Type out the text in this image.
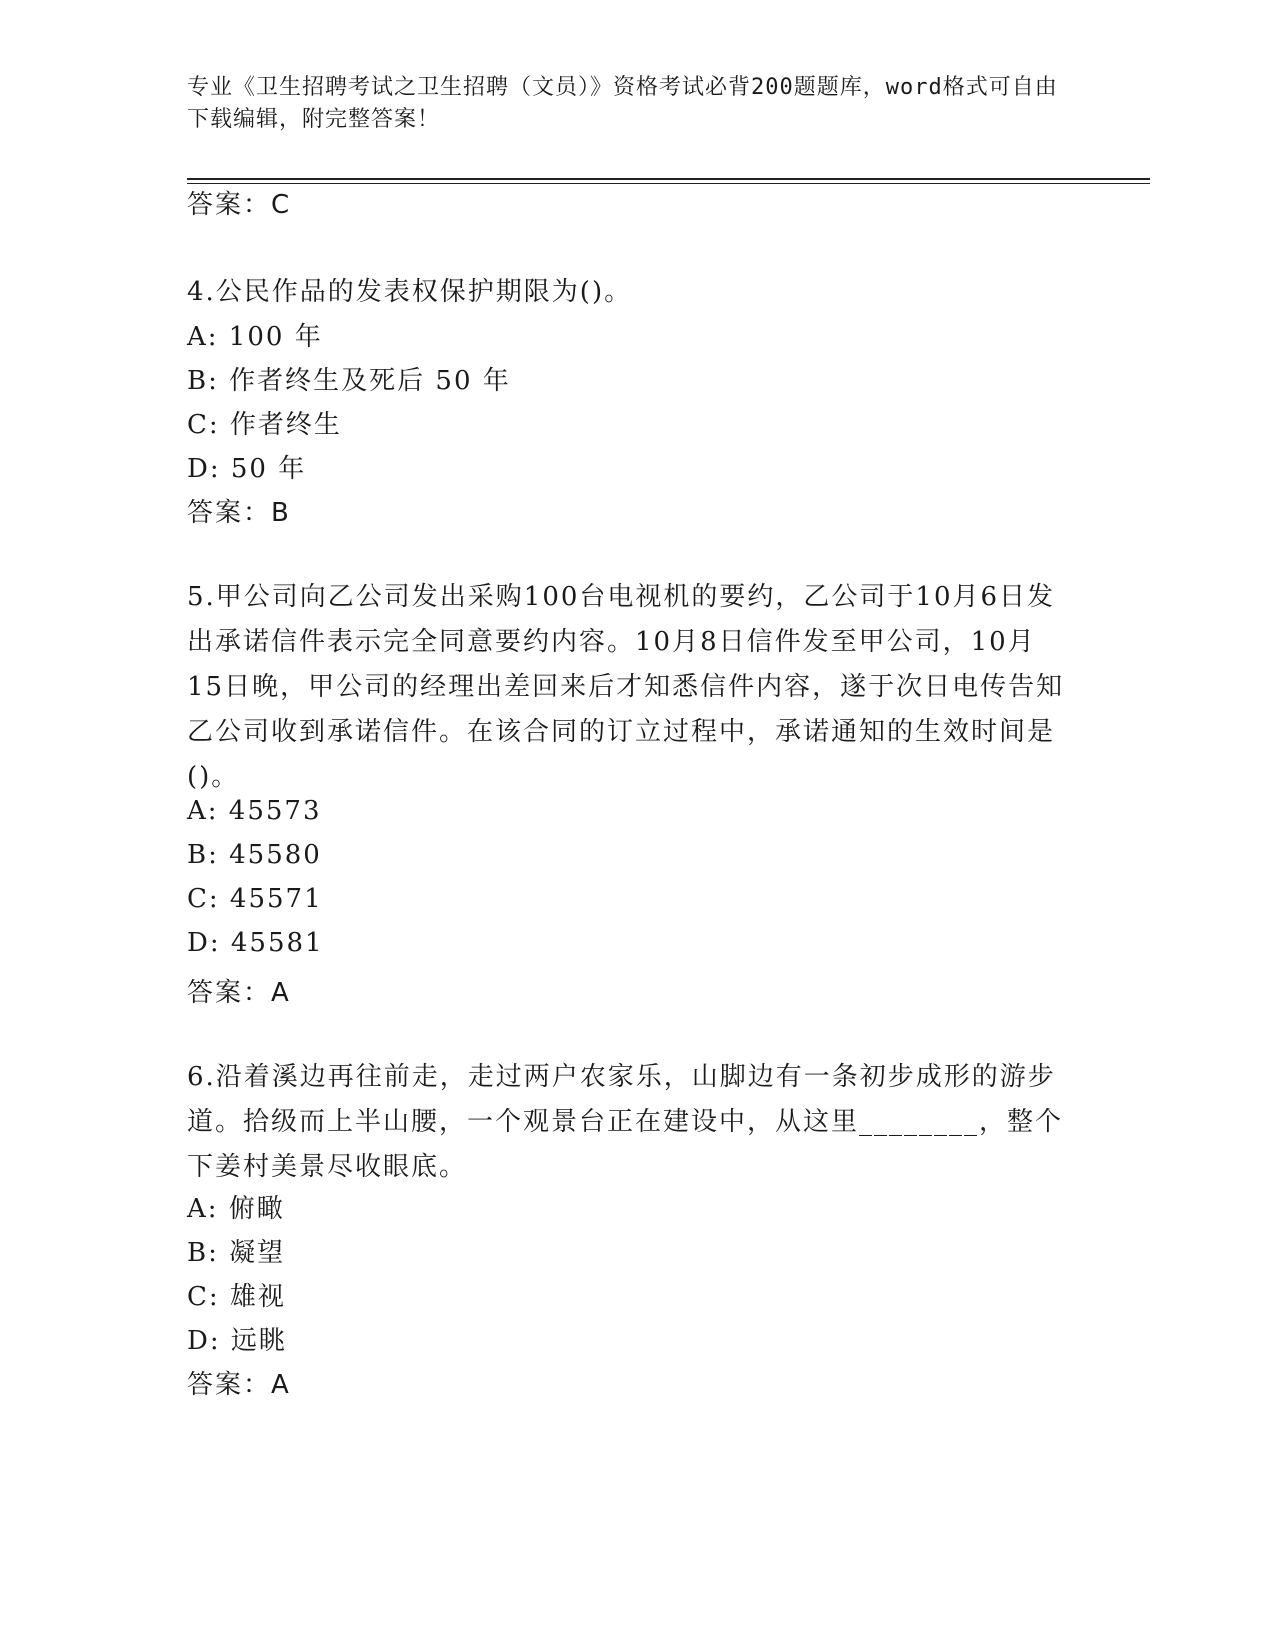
专业《卫生招聘考试之卫生招聘（文员）》资格考试必背200题题库，word格式可自由下载编辑，附完整答案！
答案：C
4.公民作品的发表权保护期限为()。
A: 100 年
B: 作者终生及死后 50 年
C: 作者终生
D: 50 年
答案：B
5.甲公司向乙公司发出采购100台电视机的要约，乙公司于10月6日发出承诺信件表示完全同意要约内容。10月8日信件发至甲公司，10月15日晚，甲公司的经理出差回来后才知悉信件内容，遂于次日电传告知乙公司收到承诺信件。在该合同的订立过程中，承诺通知的生效时间是()。
A: 45573
B: 45580
C: 45571
D: 45581
答案：A
6.沿着溪边再往前走，走过两户农家乐，山脚边有一条初步成形的游步道。拾级而上半山腰，一个观景台正在建设中，从这里________，整个下姜村美景尽收眼底。
A: 俯瞰
B: 凝望
C: 雄视
D: 远眺
答案：A
